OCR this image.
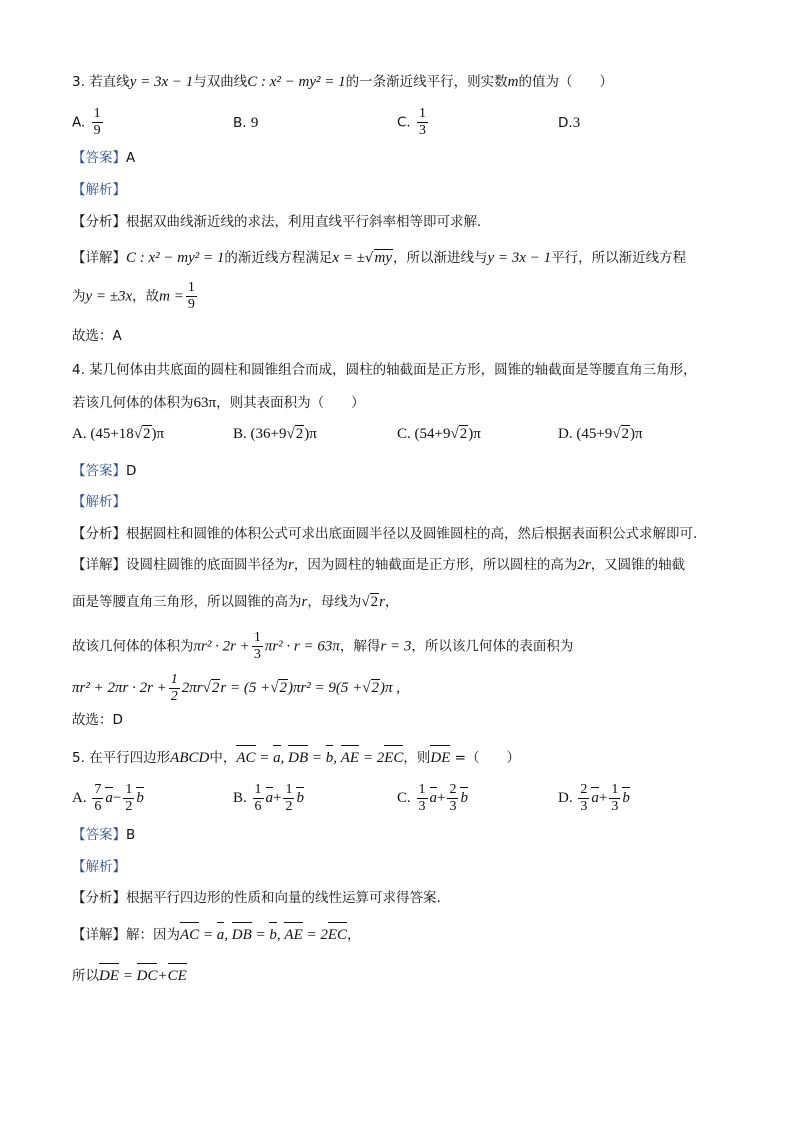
3. 若直线y = 3x − 1与双曲线C : x² − my² = 1的一条渐近线平行，则实数m的值为（　　）
A. $\frac{1}{9}$	B. 9	C. $\frac{1}{3}$	D.3
【答案】A
【解析】
【分析】根据双曲线渐近线的求法，利用直线平行斜率相等即可求解.
【详解】C : x² − my² = 1的渐近线方程满足x = ±√my，所以渐进线与y = 3x − 1平行，所以渐近线方程
为y = ±3x，故$m = \frac{1}{9}$
故选：A
4. 某几何体由共底面的圆柱和圆锥组合而成，圆柱的轴截面是正方形，圆锥的轴截面是等腰直角三角形，
若该几何体的体积为63π，则其表面积为（　　）
A. (45+18√2)π	B. (36+9√2)π	C. (54+9√2)π	D. (45+9√2)π
【答案】D
【解析】
【分析】根据圆柱和圆锥的体积公式可求出底面圆半径以及圆锥圆柱的高，然后根据表面积公式求解即可.
【详解】设圆柱圆锥的底面圆半径为r，因为圆柱的轴截面是正方形，所以圆柱的高为2r，又圆锥的轴截
面是等腰直角三角形，所以圆锥的高为r，母线为√2r，
故该几何体的体积为$\pi r^2 \cdot 2r + \frac{1}{3} \pi r^2 \cdot r = 63\pi$，解得r = 3，所以该几何体的表面积为
$\pi r^2 + 2\pi r \cdot 2r + \frac{1}{2} 2\pi r√2r = (5 +√2)\pi r^2 = 9(5 +√2)\pi$ ,
故选：D
5. 在平行四边形ABCD中，AC = a, DB = b, AE = 2EC，则DE =（　　）
A. $\frac{7}{6} a- \frac{1}{2}$ b	B. $\frac{1}{6} a+ \frac{1}{2}$ b	C. $\frac{1}{3} a+ \frac{2}{3}$ b	D. $\frac{2}{3} a+ \frac{1}{3}$ b
【答案】B
【解析】
【分析】根据平行四边形的性质和向量的线性运算可求得答案.
【详解】解：因为AC = a, DB = b, AE = 2EC，
所以DE = DC+CE
